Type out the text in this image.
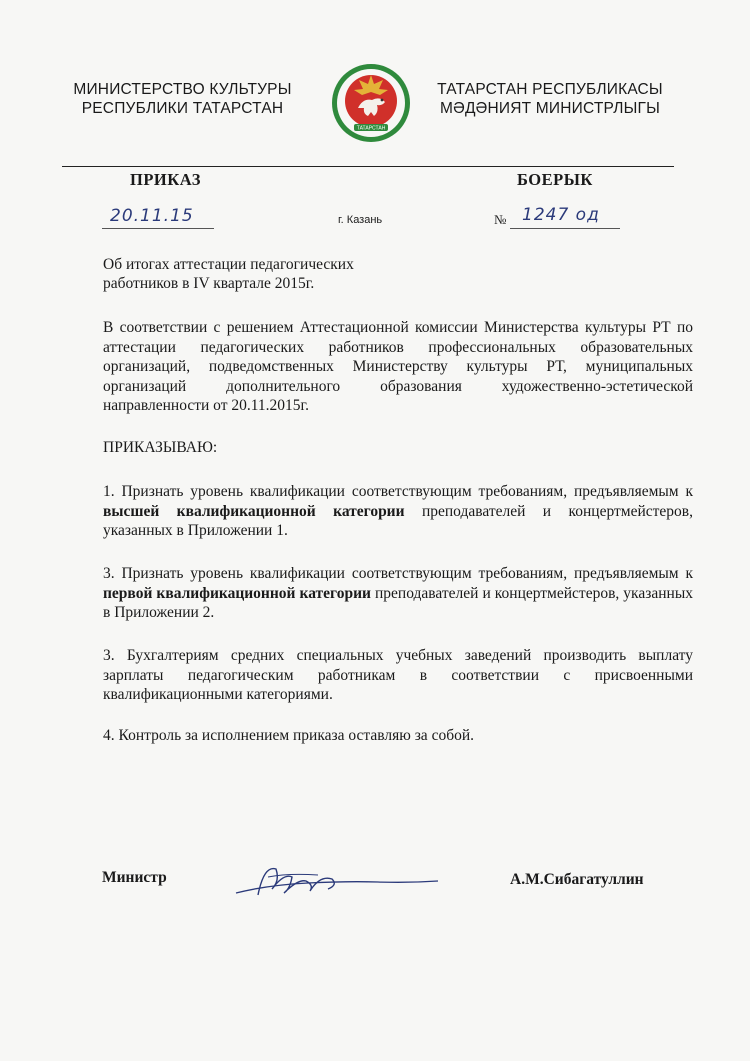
МИНИСТЕРСТВО КУЛЬТУРЫ
РЕСПУБЛИКИ ТАТАРСТАН
ТАТАРСТАН
ТАТАРСТАН РЕСПУБЛИКАСЫ
МӘДӘНИЯТ МИНИСТРЛЫГЫ
ПРИКАЗ	БОЕРЫК
20.11.15	г. Казань	№ 1247 од
Об итогах аттестации педагогических
работников в IV квартале 2015г.
В соответствии с решением Аттестационной комиссии Министерства культуры РТ по аттестации педагогических работников профессиональных образовательных организаций, подведомственных Министерству культуры РТ, муниципальных организаций дополнительного образования художественно-эстетической направленности от 20.11.2015г.
ПРИКАЗЫВАЮ:
1. Признать уровень квалификации соответствующим требованиям, предъявляемым к высшей квалификационной категории преподавателей и концертмейстеров, указанных в Приложении 1.
3. Признать уровень квалификации соответствующим требованиям, предъявляемым к первой квалификационной категории преподавателей и концертмейстеров, указанных в Приложении 2.
3. Бухгалтериям средних специальных учебных заведений производить выплату зарплаты педагогическим работникам в соответствии с присвоенными квалификационными категориями.
4. Контроль за исполнением приказа оставляю за собой.
Министр	А.М.Сибагатуллин
